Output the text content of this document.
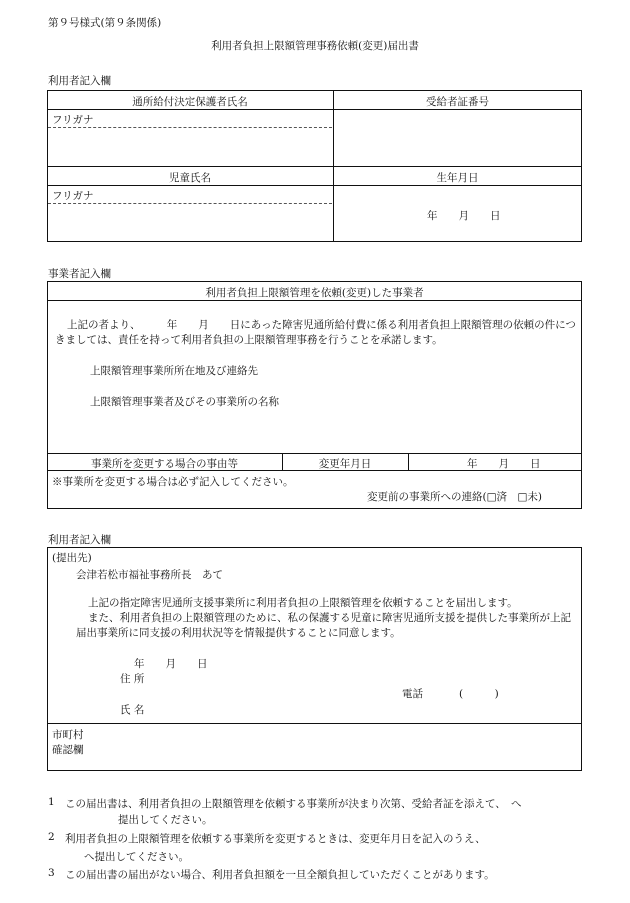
第９号様式(第９条関係)
利用者負担上限額管理事務依頼(変更)届出書
利用者記入欄
通所給付決定保護者氏名	受給者証番号
フリガナ
児童氏名	生年月日
フリガナ
年　　月　　日
事業者記入欄
利用者負担上限額管理を依頼(変更)した事業者
上記の者より、　　　年　　月　　日にあった障害児通所給付費に係る利用者負担上限額管理の依頼の件につきましては、責任を持って利用者負担の上限額管理事務を行うことを承諾します。
上限額管理事業所所在地及び連絡先
上限額管理事業者及びその事業所の名称
事業所を変更する場合の事由等	変更年月日	年　　月　　日
※事業所を変更する場合は必ず記入してください。
変更前の事業所への連絡(□済　□未)
利用者記入欄
(提出先)
会津若松市福祉事務所長　あて
上記の指定障害児通所支援事業所に利用者負担の上限額管理を依頼することを届出します。
また、利用者負担の上限額管理のために、私の保護する児童に障害児通所支援を提供した事業所が上記届出事業所に同支援の利用状況等を情報提供することに同意します。
年　　月　　日
住 所
電話	(　　　)
氏 名
市町村
確認欄
1 この届出書は、利用者負担の上限額管理を依頼する事業所が決まり次第、受給者証を添えて、　へ
提出してください。
2 利用者負担の上限額管理を依頼する事業所を変更するときは、変更年月日を記入のうえ、
へ提出してください。
3 この届出書の届出がない場合、利用者負担額を一旦全額負担していただくことがあります。
